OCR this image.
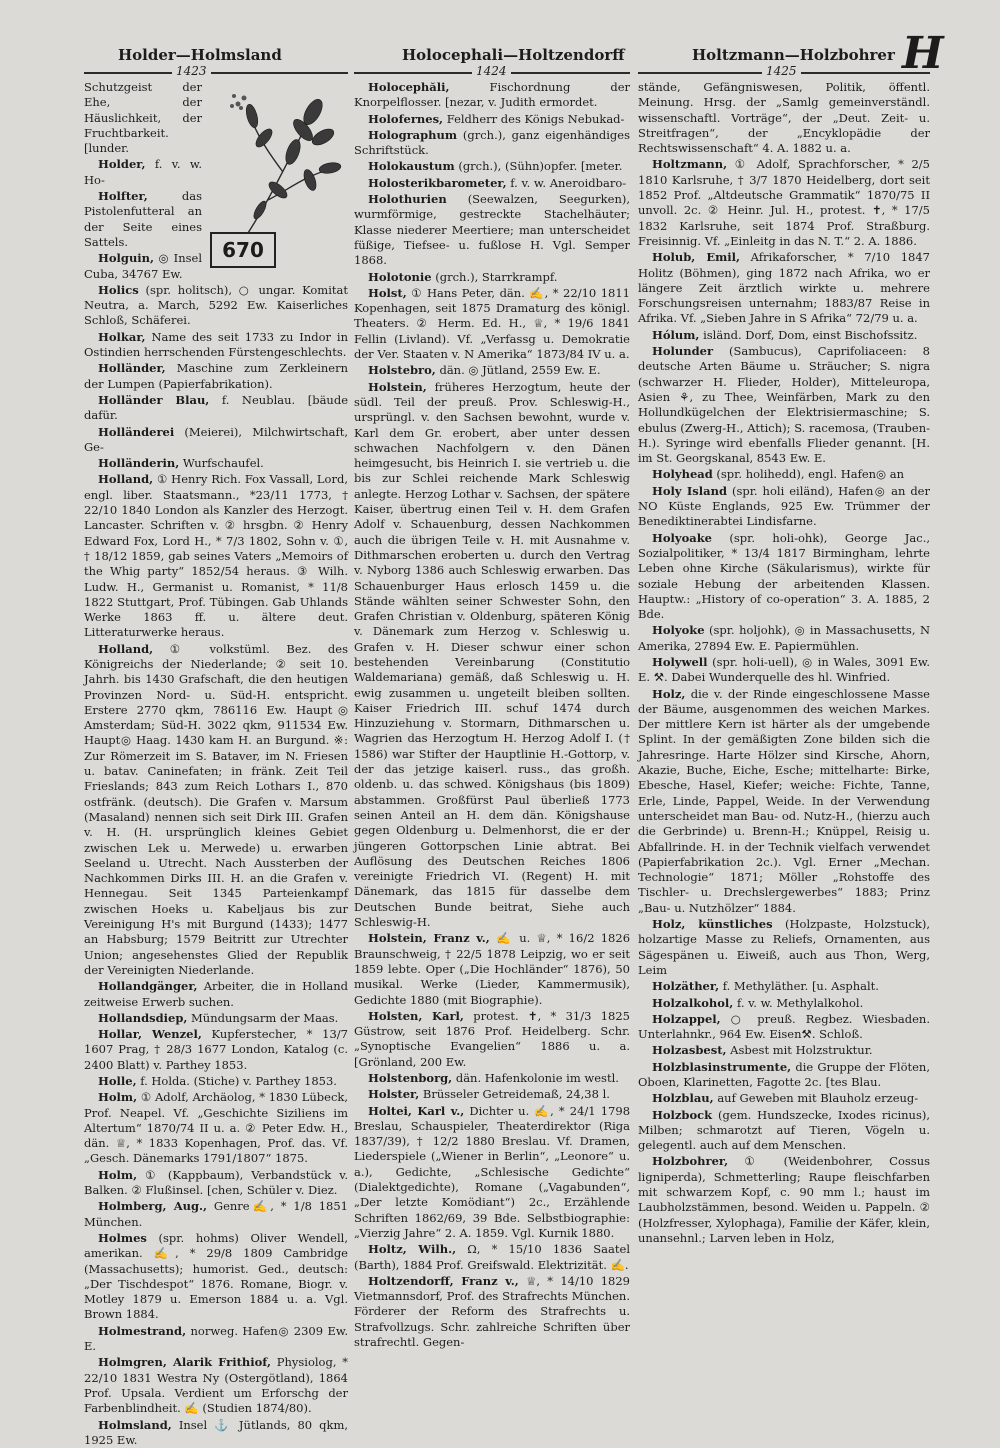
Holder—Holmsland	Holocephali—Holtzendorff	Holtzmann—Holzbohrer H
1423	1424	1425
670

Schutzgeist der Ehe, der Häuslichkeit, der Fruchtbarkeit. [lunder.

Holder, f. v. w. Ho-

Holfter,	das Pistolenfutteral an der Seite eines Sattels.

Holguin, ◎ Insel Cuba, 34767 Ew.

Holics (spr. holitsch), ○ ungar. Komitat Neutra, a. March, 5292 Ew. Kaiserliches Schloß, Schäferei.

Holkar, Name des seit 1733 zu Indor in Ostindien herrschenden Fürstengeschlechts.

Holländer, Maschine zum Zerkleinern der Lumpen (Papierfabrikation).

Holländer Blau, f. Neublau. [bäude dafür.

Holländerei (Meierei), Milchwirtschaft, Ge-

Holländerin, Wurfschaufel.

Holland, ① Henry Rich. Fox Vassall, Lord, engl. liber. Staatsmann., *23/11 1773, † 22/10 1840 London als Kanzler des Herzogt. Lancaster. Schriften v. ② hrsgbn. ② Henry Edward Fox, Lord H., * 7/3 1802, Sohn v. ①, † 18/12 1859, gab seines Vaters „Memoirs of the Whig party“ 1852/54 heraus. ③ Wilh. Ludw. H., Germanist u. Romanist, * 11/8 1822 Stuttgart, Prof. Tübingen. Gab Uhlands Werke 1863 ff. u. ältere deut. Litteraturwerke heraus.

Holland, ① volkstüml. Bez. des Königreichs der Niederlande; ② seit 10. Jahrh. bis 1430 Grafschaft, die den heutigen Provinzen Nord- u. Süd-H. entspricht. Erstere 2770 qkm, 786116 Ew. Haupt◎ Amsterdam; Süd-H. 3022 qkm, 911534 Ew. Haupt◎ Haag. 1430 kam H. an Burgund. ※: Zur Römerzeit im S. Bataver, im N. Friesen u. batav. Caninefaten; in fränk. Zeit Teil Frieslands; 843 zum Reich Lothars I., 870 ostfränk. (deutsch). Die Grafen v. Marsum (Masaland) nennen sich seit Dirk III. Grafen v. H. (H. ursprünglich kleines Gebiet zwischen Lek u. Merwede) u. erwarben Seeland u. Utrecht. Nach Aussterben der Nachkommen Dirks III. H. an die Grafen v. Hennegau. Seit 1345 Parteienkampf zwischen Hoeks u. Kabeljaus bis zur Vereinigung H's mit Burgund (1433); 1477 an Habsburg; 1579 Beitritt zur Utrechter Union; angesehenstes Glied der Republik der Vereinigten Niederlande.

Hollandgänger, Arbeiter, die in Holland zeitweise Erwerb suchen.

Hollandsdiep, Mündungsarm der Maas.

Hollar, Wenzel, Kupferstecher, * 13/7 1607 Prag, † 28/3 1677 London, Katalog (c. 2400 Blatt) v. Parthey 1853.

Holle, f. Holda. (Stiche) v. Parthey 1853.

Holm, ① Adolf, Archäolog, * 1830 Lübeck, Prof. Neapel. Vf. „Geschichte Siziliens im Altertum“ 1870/74 II u. a. ② Peter Edw. H., dän. ♕, * 1833 Kopenhagen, Prof. das. Vf. „Gesch. Dänemarks 1791/1807“ 1875.

Holm, ① (Kappbaum), Verbandstück v. Balken. ② Flußinsel. [chen, Schüler v. Diez.

Holmberg, Aug., Genre✍, * 1/8 1851 München.

Holmes (spr. hohms) Oliver Wendell, amerikan. ✍, * 29/8 1809 Cambridge (Massachusetts); humorist. Ged., deutsch: „Der Tischdespot“ 1876. Romane, Biogr. v. Motley 1879 u. Emerson 1884 u. a. Vgl. Brown 1884.

Holmestrand, norweg. Hafen◎ 2309 Ew. E.

Holmgren, Alarik Frithiof, Physiolog, * 22/10 1831 Westra Ny (Ostergötland), 1864 Prof. Upsala. Verdient um Erforschg der Farbenblindheit. ✍ (Studien 1874/80).

Holmsland, Insel ⚓ Jütlands, 80 qkm, 1925 Ew.

Holocephăli,	Fischordnung der Knorpelflosser. [nezar, v. Judith ermordet.

Holofernes, Feldherr des Königs Nebukad-

Holographum (grch.), ganz eigenhändiges Schriftstück.

Holokaustum (grch.), (Sühn)opfer. [meter.

Holosterikbarometer, f. v. w. Aneroidbaro-

Holothurien (Seewalzen, Seegurken), wurmförmige, gestreckte Stachelhäuter; Klasse niederer Meertiere; man unterscheidet füßige, Tiefsee- u. fußlose H. Vgl. Semper 1868.

Holotonie (grch.), Starrkrampf.

Holst, ① Hans Peter, dän. ✍, * 22/10 1811 Kopenhagen, seit 1875 Dramaturg des königl. Theaters. ② Herm. Ed. H., ♕, * 19/6 1841 Fellin (Livland). Vf. „Verfassg u. Demokratie der Ver. Staaten v. N Amerika“ 1873/84 IV u. a.

Holstebro, dän. ◎ Jütland, 2559 Ew. E.

Holstein, früheres Herzogtum, heute der südl. Teil der preuß. Prov. Schleswig-H., ursprüngl. v. den Sachsen bewohnt, wurde v. Karl dem Gr. erobert, aber unter dessen schwachen Nachfolgern v. den Dänen heimgesucht, bis Heinrich I. sie vertrieb u. die bis zur Schlei reichende Mark Schleswig anlegte. Herzog Lothar v. Sachsen, der spätere Kaiser, übertrug einen Teil v. H. dem Grafen Adolf v. Schauenburg, dessen Nachkommen auch die übrigen Teile v. H. mit Ausnahme v. Dithmarschen eroberten u. durch den Vertrag v. Nyborg 1386 auch Schleswig erwarben. Das Schauenburger Haus erlosch 1459 u. die Stände wählten seiner Schwester Sohn, den Grafen Christian v. Oldenburg, späteren König v. Dänemark zum Herzog v. Schleswig u. Grafen v. H. Dieser schwur einer schon bestehenden Vereinbarung (Constitutio Waldemariana) gemäß, daß Schleswig u. H. ewig zusammen u. ungeteilt bleiben sollten. Kaiser Friedrich III. schuf 1474 durch Hinzuziehung v. Stormarn, Dithmarschen u. Wagrien das Herzogtum H. Herzog Adolf I. († 1586) war Stifter der Hauptlinie H.-Gottorp, v. der das jetzige kaiserl. russ., das großh. oldenb. u. das schwed. Königshaus (bis 1809) abstammen. Großfürst Paul überließ 1773 seinen Anteil an H. dem dän. Königshause gegen Oldenburg u. Delmenhorst, die er der jüngeren Gottorpschen Linie abtrat. Bei Auflösung des Deutschen Reiches 1806 vereinigte Friedrich VI. (Regent) H. mit Dänemark, das 1815 für dasselbe dem Deutschen Bunde beitrat, Siehe auch Schleswig-H.

Holstein, Franz v., ✍ u. ♕, * 16/2 1826 Braunschweig, † 22/5 1878 Leipzig, wo er seit 1859 lebte. Oper („Die Hochländer“ 1876), 50 musikal. Werke (Lieder, Kammermusik), Gedichte 1880 (mit Biographie).

Holsten, Karl, protest. ✝, * 31/3 1825 Güstrow, seit 1876 Prof. Heidelberg. Schr. „Synoptische Evangelien“ 1886 u. a. [Grönland, 200 Ew.

Holstenborg, dän. Hafenkolonie im westl.

Holster, Brüsseler Getreidemaß, 24,38 l.

Holtei, Karl v., Dichter u. ✍, * 24/1 1798 Breslau, Schauspieler, Theaterdirektor (Riga 1837/39), † 12/2 1880 Breslau. Vf. Dramen, Liederspiele („Wiener in Berlin“, „Leonore“ u. a.), Gedichte, „Schlesische Gedichte“ (Dialektgedichte), Romane („Vagabunden“, „Der letzte Komödiant“) 2c., Erzählende Schriften 1862/69, 39 Bde. Selbstbiographie: „Vierzig Jahre“ 2. A. 1859. Vgl. Kurnik 1880.

Holtz, Wilh., Ω, * 15/10 1836 Saatel (Barth), 1884 Prof. Greifswald. Elektrizität. ✍.

Holtzendorff, Franz v., ♕, * 14/10 1829 Vietmannsdorf, Prof. des Strafrechts München. Förderer der Reform des Strafrechts u. Strafvollzugs. Schr. zahlreiche Schriften über strafrechtl. Gegen-

stände, Gefängniswesen, Politik, öffentl. Meinung. Hrsg. der „Samlg gemeinverständl. wissenschaftl. Vorträge“, der „Deut. Zeit- u. Streitfragen“, der „Encyklopädie der Rechtswissenschaft“ 4. A. 1882 u. a.

Holtzmann, ① Adolf, Sprachforscher, * 2/5 1810 Karlsruhe, † 3/7 1870 Heidelberg, dort seit 1852 Prof. „Altdeutsche Grammatik“ 1870/75 II unvoll. 2c. ② Heinr. Jul. H., protest. ✝, * 17/5 1832 Karlsruhe, seit 1874 Prof. Straßburg. Freisinnig. Vf. „Einleitg in das N. T.“ 2. A. 1886.

Holub, Emil, Afrikaforscher, * 7/10 1847 Holitz (Böhmen), ging 1872 nach Afrika, wo er längere Zeit ärztlich wirkte u. mehrere Forschungsreisen unternahm; 1883/87 Reise in Afrika. Vf. „Sieben Jahre in S Afrika“ 72/79 u. a.

Hólum, isländ. Dorf, Dom, einst Bischofssitz.

Holunder (Sambucus), Caprifoliaceen: 8 deutsche Arten Bäume u. Sträucher; S. nigra (schwarzer H. Flieder, Holder), Mitteleuropa, Asien ⚘, zu Thee, Weinfärben, Mark zu den Hollundkügelchen der Elektrisiermaschine; S. ebulus (Zwerg-H., Attich); S. racemosa, (Trauben-H.). Syringe wird ebenfalls Flieder genannt. [H. im St. Georgskanal, 8543 Ew. E.

Holyhead (spr. holihedd), engl. Hafen◎ an

Holy Island (spr. holi eiländ), Hafen◎ an der NO Küste Englands, 925 Ew. Trümmer der Benediktinerabtei Lindisfarne.

Holyoake (spr. holi-ohk), George Jac., Sozialpolitiker, * 13/4 1817 Birmingham, lehrte Leben ohne Kirche (Säkularismus), wirkte für soziale Hebung der arbeitenden Klassen. Hauptw.: „History of co-operation“ 3. A. 1885, 2 Bde.

Holyoke (spr. holjohk), ◎ in Massachusetts, N Amerika, 27894 Ew. E. Papiermühlen.

Holywell (spr. holi-uell), ◎ in Wales, 3091 Ew. E. ⚒. Dabei Wunderquelle des hl. Winfried.

Holz, die v. der Rinde eingeschlossene Masse der Bäume, ausgenommen des weichen Markes. Der mittlere Kern ist härter als der umgebende Splint. In der gemäßigten Zone bilden sich die Jahresringe. Harte Hölzer sind Kirsche, Ahorn, Akazie, Buche, Eiche, Esche; mittelharte: Birke, Ebesche, Hasel, Kiefer; weiche: Fichte, Tanne, Erle, Linde, Pappel, Weide. In der Verwendung unterscheidet man Bau- od. Nutz-H., (hierzu auch die Gerbrinde) u. Brenn-H.; Knüppel, Reisig u. Abfallrinde. H. in der Technik vielfach verwendet (Papierfabrikation 2c.). Vgl. Erner „Mechan. Technologie“ 1871; Möller „Rohstoffe des Tischler- u. Drechslergewerbes“ 1883; Prinz „Bau- u. Nutzhölzer“ 1884.

Holz, künstliches (Holzpaste, Holzstuck), holzartige Masse zu Reliefs, Ornamenten, aus Sägespänen u. Eiweiß, auch aus Thon, Werg, Leim

Holzäther, f. Methyläther. [u. Asphalt.

Holzalkohol, f. v. w. Methylalkohol.

Holzappel, ○ preuß. Regbez. Wiesbaden. Unterlahnkr., 964 Ew. Eisen⚒. Schloß.

Holzasbest, Asbest mit Holzstruktur.

Holzblasinstrumente, die Gruppe der Flöten, Oboen, Klarinetten, Fagotte 2c. [tes Blau.

Holzblau, auf Geweben mit Blauholz erzeug-

Holzbock (gem. Hundszecke, Ixodes ricinus), Milben; schmarotzt auf Tieren, Vögeln u. gelegentl. auch auf dem Menschen.

Holzbohrer, ① (Weidenbohrer, Cossus ligniperda), Schmetterling; Raupe fleischfarben mit schwarzem Kopf, c. 90 mm l.; haust im Laubholzstämmen, besond. Weiden u. Pappeln. ② (Holzfresser, Xylophaga), Familie der Käfer, klein, unansehnl.; Larven leben in Holz,
